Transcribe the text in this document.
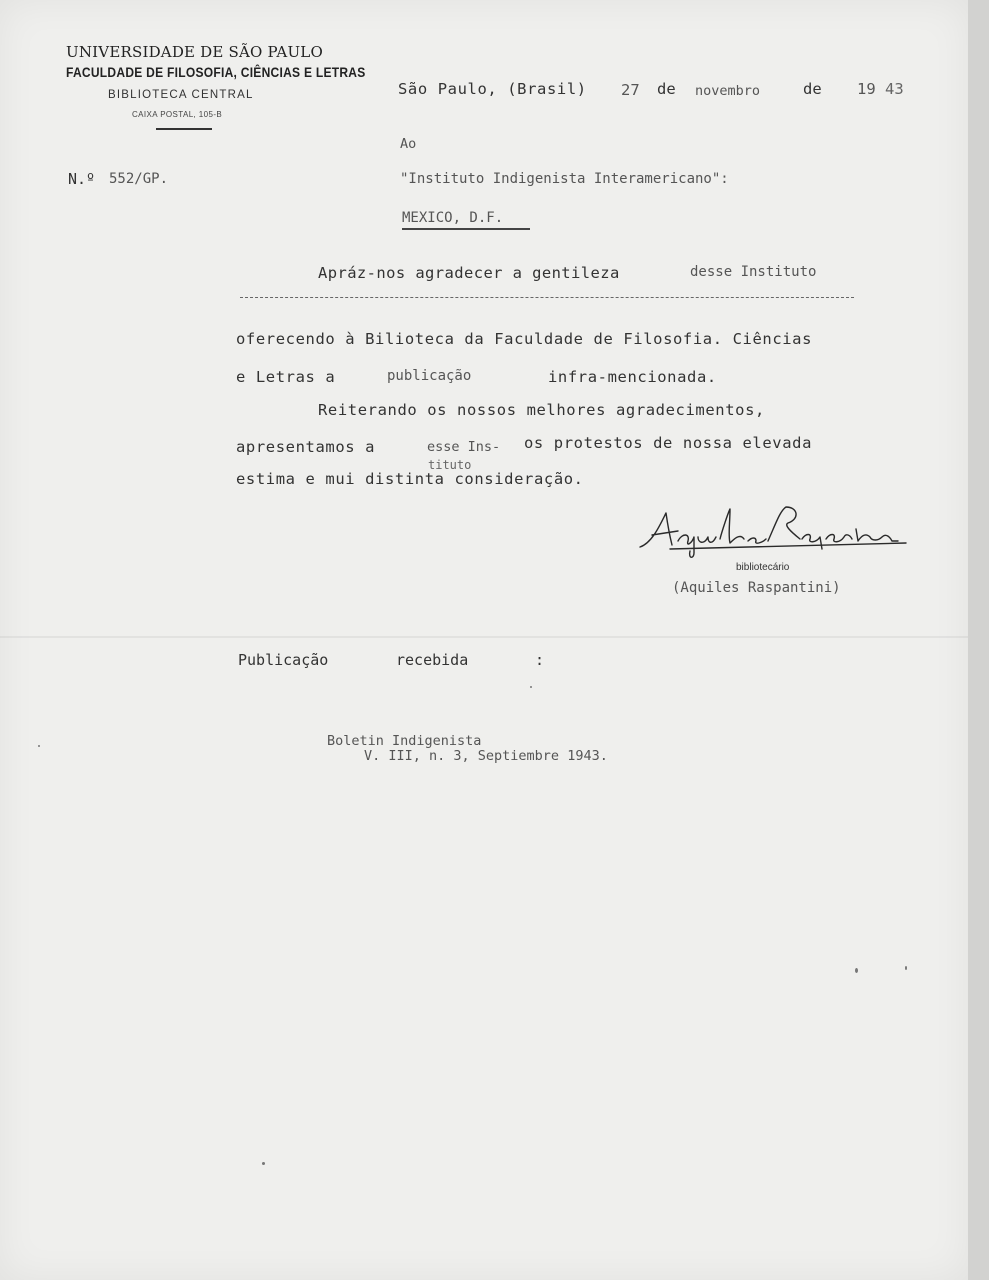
UNIVERSIDADE DE SÃO PAULO
FACULDADE DE FILOSOFIA, CIÊNCIAS E LETRAS
BIBLIOTECA CENTRAL
CAIXA POSTAL, 105-B
São Paulo, (Brasil) 27 de novembro	de 19 43
Ao
N.º 552/GP.	"Instituto Indigenista Interamericano":
MEXICO, D.F.
Apráz-nos agradecer a gentileza	desse Instituto
oferecendo à Bilioteca da Faculdade de Filosofia. Ciências
e Letras a	publicação	infra-mencionada.
Reiterando os nossos melhores agradecimentos,
apresentamos a	esse Ins- os protestos de nossa elevada
tituto
estima e mui distinta consideração.
bibliotecário
(Aquiles Raspantini)
Publicação	recebida	:
Boletin Indigenista
V. III, n. 3, Septiembre 1943.
